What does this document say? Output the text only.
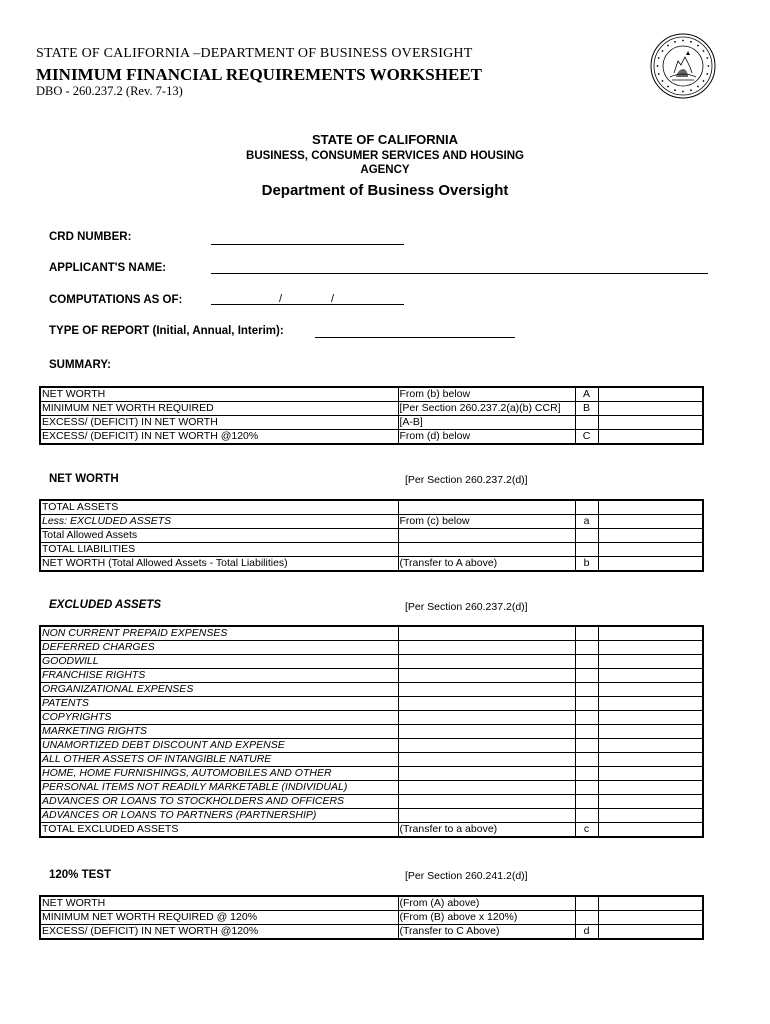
STATE OF CALIFORNIA –DEPARTMENT OF BUSINESS OVERSIGHT
MINIMUM FINANCIAL REQUIREMENTS WORKSHEET
DBO - 260.237.2 (Rev. 7-13)
STATE OF CALIFORNIA
BUSINESS, CONSUMER SERVICES AND HOUSING
AGENCY
Department of Business Oversight
CRD NUMBER:
APPLICANT'S NAME:
COMPUTATIONS AS OF:	/	/
TYPE OF REPORT (Initial, Annual, Interim):
SUMMARY:
NET WORTH	From (b) below	A	
MINIMUM NET WORTH REQUIRED	[Per Section 260.237.2(a)(b) CCR]	B	
EXCESS/ (DEFICIT) IN NET WORTH	[A-B]		
EXCESS/ (DEFICIT) IN NET WORTH @120%	From (d) below	C	
NET WORTH	[Per Section 260.237.2(d)]
TOTAL ASSETS			
Less: EXCLUDED ASSETS	From (c) below	a	
Total Allowed Assets			
TOTAL LIABILITIES			
NET WORTH (Total Allowed Assets - Total Liabilities)	(Transfer to A above)	b	
EXCLUDED ASSETS	[Per Section 260.237.2(d)]
NON CURRENT PREPAID EXPENSES			
DEFERRED CHARGES			
GOODWILL			
FRANCHISE RIGHTS			
ORGANIZATIONAL EXPENSES			
PATENTS			
COPYRIGHTS			
MARKETING RIGHTS			
UNAMORTIZED DEBT DISCOUNT AND EXPENSE			
ALL OTHER ASSETS OF INTANGIBLE NATURE			
HOME, HOME FURNISHINGS, AUTOMOBILES AND OTHER			
PERSONAL ITEMS NOT READILY MARKETABLE (INDIVIDUAL)			
ADVANCES OR LOANS TO STOCKHOLDERS AND OFFICERS			
ADVANCES OR LOANS TO PARTNERS (PARTNERSHIP)			
TOTAL EXCLUDED ASSETS	(Transfer to a above)	c	
120% TEST	[Per Section 260.241.2(d)]
NET WORTH	(From (A) above)		
MINIMUM NET WORTH REQUIRED @ 120%	(From (B) above x 120%)		
EXCESS/ (DEFICIT) IN NET WORTH @120%	(Transfer to C Above)	d	
